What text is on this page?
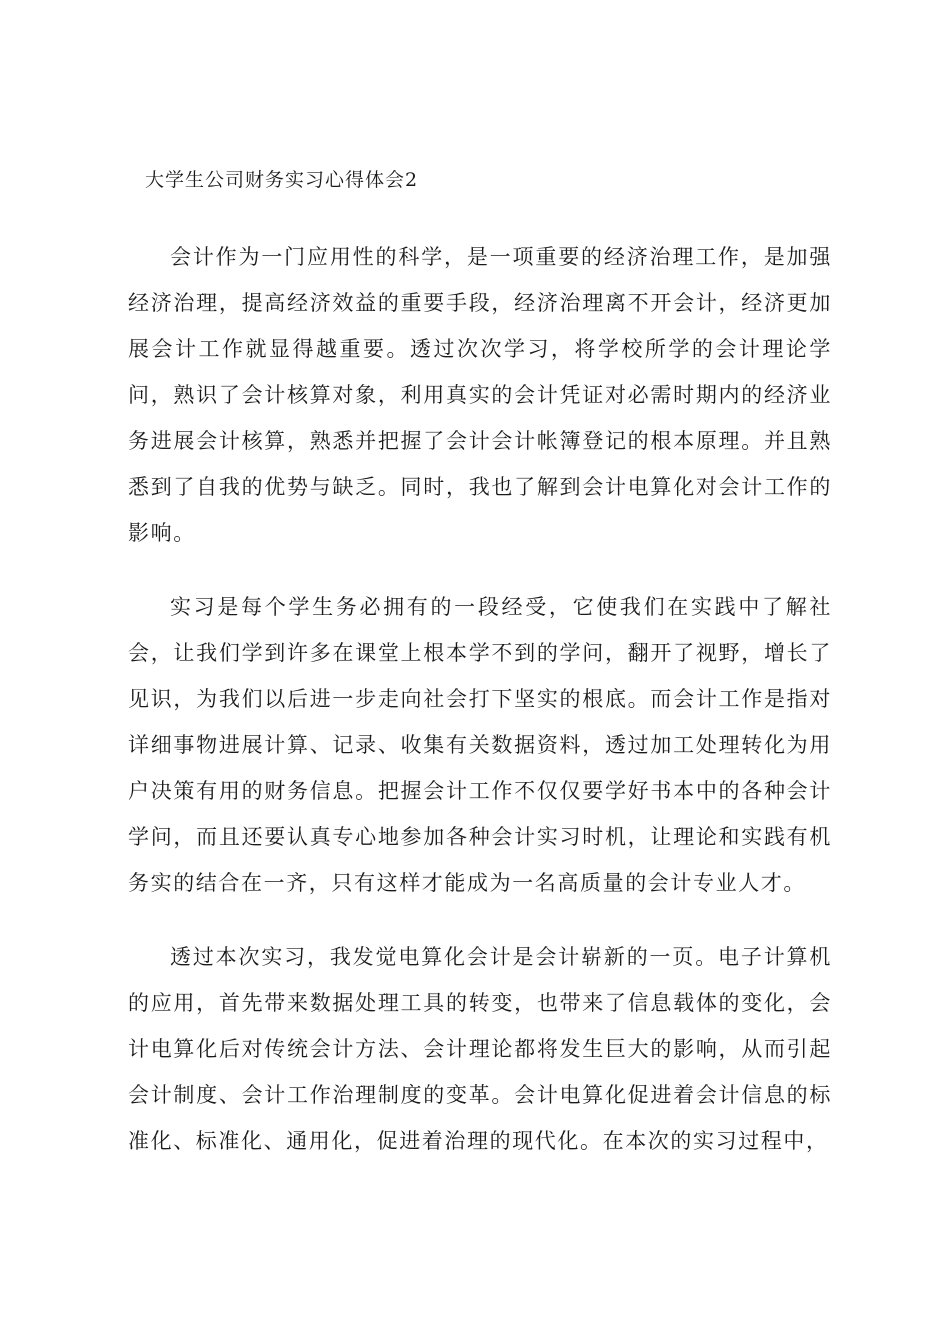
大学生公司财务实习心得体会2

会计作为一门应用性的科学，是一项重要的经济治理工作，是加强经济治理，提高经济效益的重要手段，经济治理离不开会计，经济更加展会计工作就显得越重要。透过次次学习，将学校所学的会计理论学问，熟识了会计核算对象，利用真实的会计凭证对必需时期内的经济业务进展会计核算，熟悉并把握了会计会计帐簿登记的根本原理。并且熟悉到了自我的优势与缺乏。同时，我也了解到会计电算化对会计工作的影响。

实习是每个学生务必拥有的一段经受，它使我们在实践中了解社会，让我们学到许多在课堂上根本学不到的学问，翻开了视野，增长了见识，为我们以后进一步走向社会打下坚实的根底。而会计工作是指对详细事物进展计算、记录、收集有关数据资料，透过加工处理转化为用户决策有用的财务信息。把握会计工作不仅仅要学好书本中的各种会计学问，而且还要认真专心地参加各种会计实习时机，让理论和实践有机务实的结合在一齐，只有这样才能成为一名高质量的会计专业人才。

透过本次实习，我发觉电算化会计是会计崭新的一页。电子计算机的应用，首先带来数据处理工具的转变，也带来了信息载体的变化，会计电算化后对传统会计方法、会计理论都将发生巨大的影响，从而引起会计制度、会计工作治理制度的变革。会计电算化促进着会计信息的标准化、标准化、通用化，促进着治理的现代化。在本次的实习过程中，
